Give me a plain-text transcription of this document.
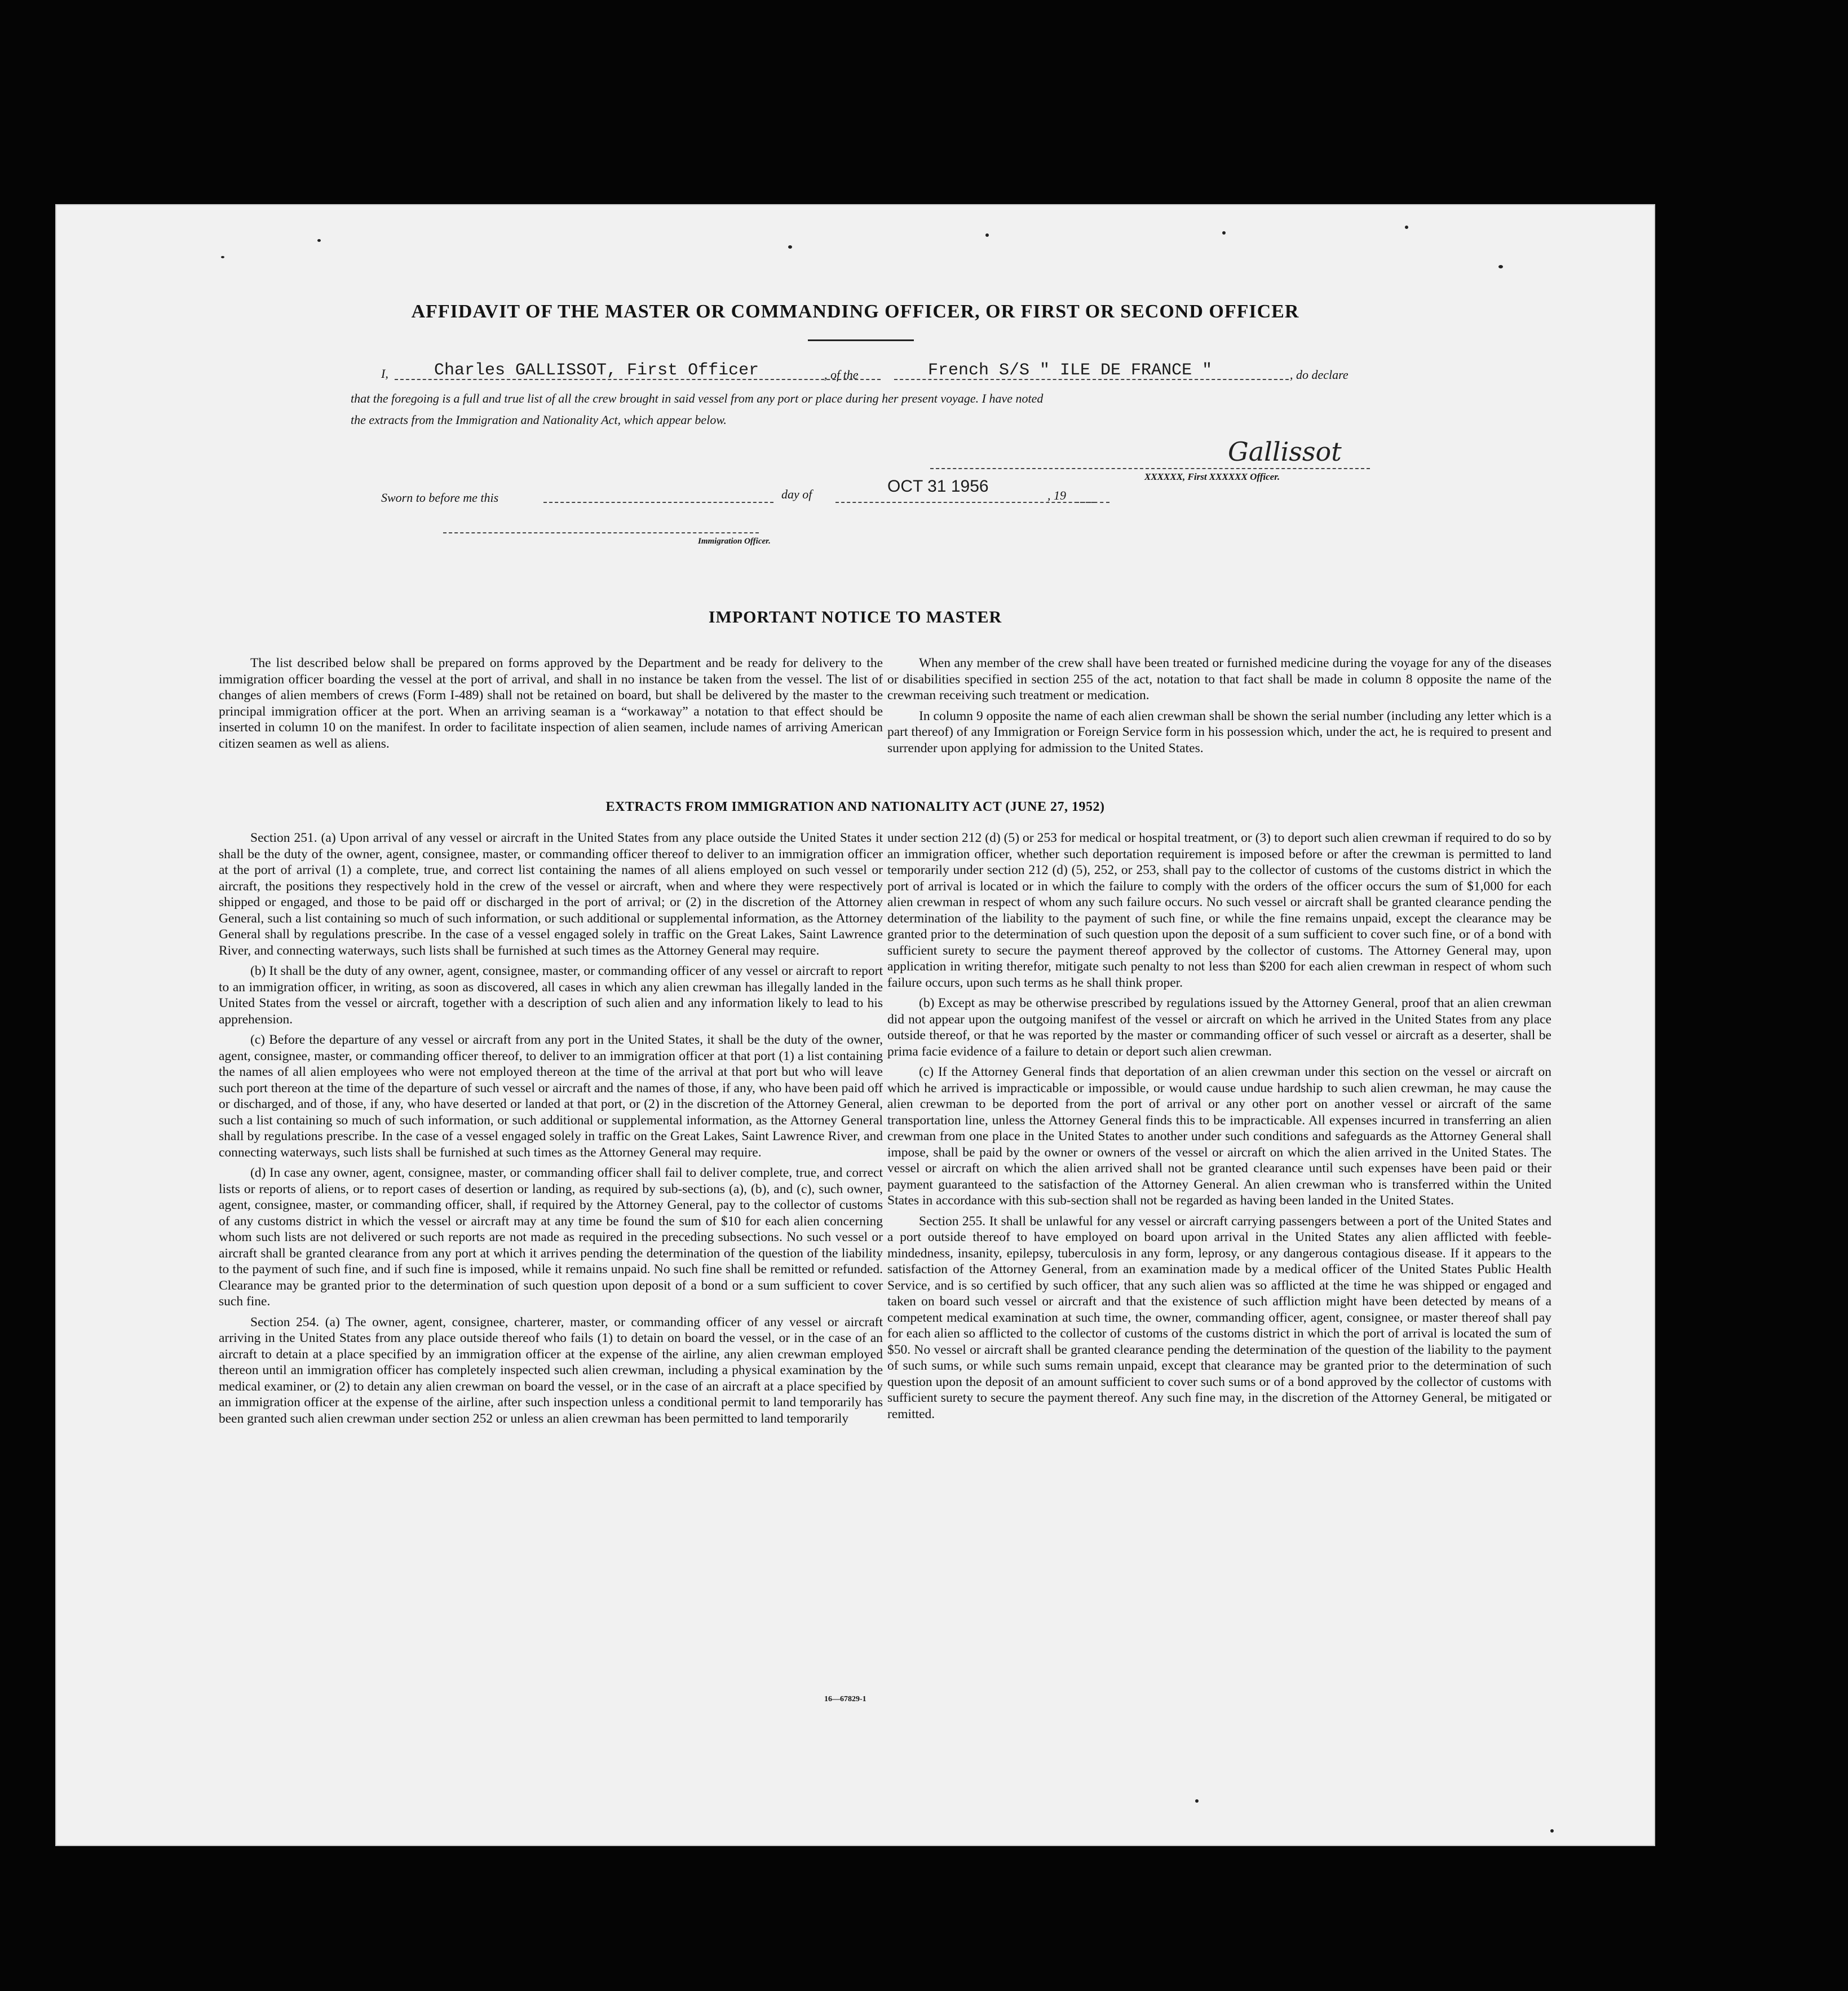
AFFIDAVIT OF THE MASTER OR COMMANDING OFFICER, OR FIRST OR SECOND OFFICER
I,	Charles GALLISSOT, First Officer	, of the	French S/S " ILE DE FRANCE "	, do declare
that the foregoing is a full and true list of all the crew brought in said vessel from any port or place during her present voyage. I have noted
the extracts from the Immigration and Nationality Act, which appear below.
Gallissot
XXXXXX, First XXXXXX Officer.
Sworn to before me this	day of	OCT 31 1956	, 19
Immigration Officer.
IMPORTANT NOTICE TO MASTER

The list described below shall be prepared on forms approved by the Department and be ready for delivery to the immigration officer boarding the vessel at the port of arrival, and shall in no instance be taken from the vessel. The list of changes of alien members of crews (Form I-489) shall not be retained on board, but shall be delivered by the master to the principal immigration officer at the port. When an arriving seaman is a “workaway” a notation to that effect should be inserted in column 10 on the manifest. In order to facilitate inspection of alien seamen, include names of arriving American citizen seamen as well as aliens.

When any member of the crew shall have been treated or furnished medicine during the voyage for any of the diseases or disabilities specified in section 255 of the act, notation to that fact shall be made in column 8 opposite the name of the crewman receiving such treatment or medication.

In column 9 opposite the name of each alien crewman shall be shown the serial number (including any letter which is a part thereof) of any Immigration or Foreign Service form in his possession which, under the act, he is required to present and surrender upon applying for admission to the United States.

EXTRACTS FROM IMMIGRATION AND NATIONALITY ACT (JUNE 27, 1952)

Section 251. (a) Upon arrival of any vessel or aircraft in the United States from any place outside the United States it shall be the duty of the owner, agent, consignee, master, or commanding officer thereof to deliver to an immigration officer at the port of arrival (1) a complete, true, and correct list containing the names of all aliens employed on such vessel or aircraft, the positions they respectively hold in the crew of the vessel or aircraft, when and where they were respectively shipped or engaged, and those to be paid off or discharged in the port of arrival; or (2) in the discretion of the Attorney General, such a list containing so much of such information, or such additional or supplemental information, as the Attorney General shall by regulations prescribe. In the case of a vessel engaged solely in traffic on the Great Lakes, Saint Lawrence River, and connecting waterways, such lists shall be furnished at such times as the Attorney General may require.

(b) It shall be the duty of any owner, agent, consignee, master, or commanding officer of any vessel or aircraft to report to an immigration officer, in writing, as soon as discovered, all cases in which any alien crewman has illegally landed in the United States from the vessel or aircraft, together with a description of such alien and any information likely to lead to his apprehension.

(c) Before the departure of any vessel or aircraft from any port in the United States, it shall be the duty of the owner, agent, consignee, master, or commanding officer thereof, to deliver to an immigration officer at that port (1) a list containing the names of all alien employees who were not employed thereon at the time of the arrival at that port but who will leave such port thereon at the time of the departure of such vessel or aircraft and the names of those, if any, who have been paid off or discharged, and of those, if any, who have deserted or landed at that port, or (2) in the discretion of the Attorney General, such a list containing so much of such information, or such additional or supplemental information, as the Attorney General shall by regulations prescribe. In the case of a vessel engaged solely in traffic on the Great Lakes, Saint Lawrence River, and connecting waterways, such lists shall be furnished at such times as the Attorney General may require.

(d) In case any owner, agent, consignee, master, or commanding officer shall fail to deliver complete, true, and correct lists or reports of aliens, or to report cases of desertion or landing, as required by sub-sections (a), (b), and (c), such owner, agent, consignee, master, or commanding officer, shall, if required by the Attorney General, pay to the collector of customs of any customs district in which the vessel or aircraft may at any time be found the sum of $10 for each alien concerning whom such lists are not delivered or such reports are not made as required in the preceding subsections. No such vessel or aircraft shall be granted clearance from any port at which it arrives pending the determination of the question of the liability to the payment of such fine, and if such fine is imposed, while it remains unpaid. No such fine shall be remitted or refunded. Clearance may be granted prior to the determination of such question upon deposit of a bond or a sum sufficient to cover such fine.

Section 254. (a) The owner, agent, consignee, charterer, master, or commanding officer of any vessel or aircraft arriving in the United States from any place outside thereof who fails (1) to detain on board the vessel, or in the case of an aircraft to detain at a place specified by an immigration officer at the expense of the airline, any alien crewman employed thereon until an immigration officer has completely inspected such alien crewman, including a physical examination by the medical examiner, or (2) to detain any alien crewman on board the vessel, or in the case of an aircraft at a place specified by an immigration officer at the expense of the airline, after such inspection unless a conditional permit to land temporarily has been granted such alien crewman under section 252 or unless an alien crewman has been permitted to land temporarily

under section 212 (d) (5) or 253 for medical or hospital treatment, or (3) to deport such alien crewman if required to do so by an immigration officer, whether such deportation requirement is imposed before or after the crewman is permitted to land temporarily under section 212 (d) (5), 252, or 253, shall pay to the collector of customs of the customs district in which the port of arrival is located or in which the failure to comply with the orders of the officer occurs the sum of $1,000 for each alien crewman in respect of whom any such failure occurs. No such vessel or aircraft shall be granted clearance pending the determination of the liability to the payment of such fine, or while the fine remains unpaid, except the clearance may be granted prior to the determination of such question upon the deposit of a sum sufficient to cover such fine, or of a bond with sufficient surety to secure the payment thereof approved by the collector of customs. The Attorney General may, upon application in writing therefor, mitigate such penalty to not less than $200 for each alien crewman in respect of whom such failure occurs, upon such terms as he shall think proper.

(b) Except as may be otherwise prescribed by regulations issued by the Attorney General, proof that an alien crewman did not appear upon the outgoing manifest of the vessel or aircraft on which he arrived in the United States from any place outside thereof, or that he was reported by the master or commanding officer of such vessel or aircraft as a deserter, shall be prima facie evidence of a failure to detain or deport such alien crewman.

(c) If the Attorney General finds that deportation of an alien crewman under this section on the vessel or aircraft on which he arrived is impracticable or impossible, or would cause undue hardship to such alien crewman, he may cause the alien crewman to be deported from the port of arrival or any other port on another vessel or aircraft of the same transportation line, unless the Attorney General finds this to be impracticable. All expenses incurred in transferring an alien crewman from one place in the United States to another under such conditions and safeguards as the Attorney General shall impose, shall be paid by the owner or owners of the vessel or aircraft on which the alien arrived in the United States. The vessel or aircraft on which the alien arrived shall not be granted clearance until such expenses have been paid or their payment guaranteed to the satisfaction of the Attorney General. An alien crewman who is transferred within the United States in accordance with this sub-section shall not be regarded as having been landed in the United States.

Section 255. It shall be unlawful for any vessel or aircraft carrying passengers between a port of the United States and a port outside thereof to have employed on board upon arrival in the United States any alien afflicted with feeble-mindedness, insanity, epilepsy, tuberculosis in any form, leprosy, or any dangerous contagious disease. If it appears to the satisfaction of the Attorney General, from an examination made by a medical officer of the United States Public Health Service, and is so certified by such officer, that any such alien was so afflicted at the time he was shipped or engaged and taken on board such vessel or aircraft and that the existence of such affliction might have been detected by means of a competent medical examination at such time, the owner, commanding officer, agent, consignee, or master thereof shall pay for each alien so afflicted to the collector of customs of the customs district in which the port of arrival is located the sum of $50. No vessel or aircraft shall be granted clearance pending the determination of the question of the liability to the payment of such sums, or while such sums remain unpaid, except that clearance may be granted prior to the determination of such question upon the deposit of an amount sufficient to cover such sums or of a bond approved by the collector of customs with sufficient surety to secure the payment thereof. Any such fine may, in the discretion of the Attorney General, be mitigated or remitted.

16—67829-1
